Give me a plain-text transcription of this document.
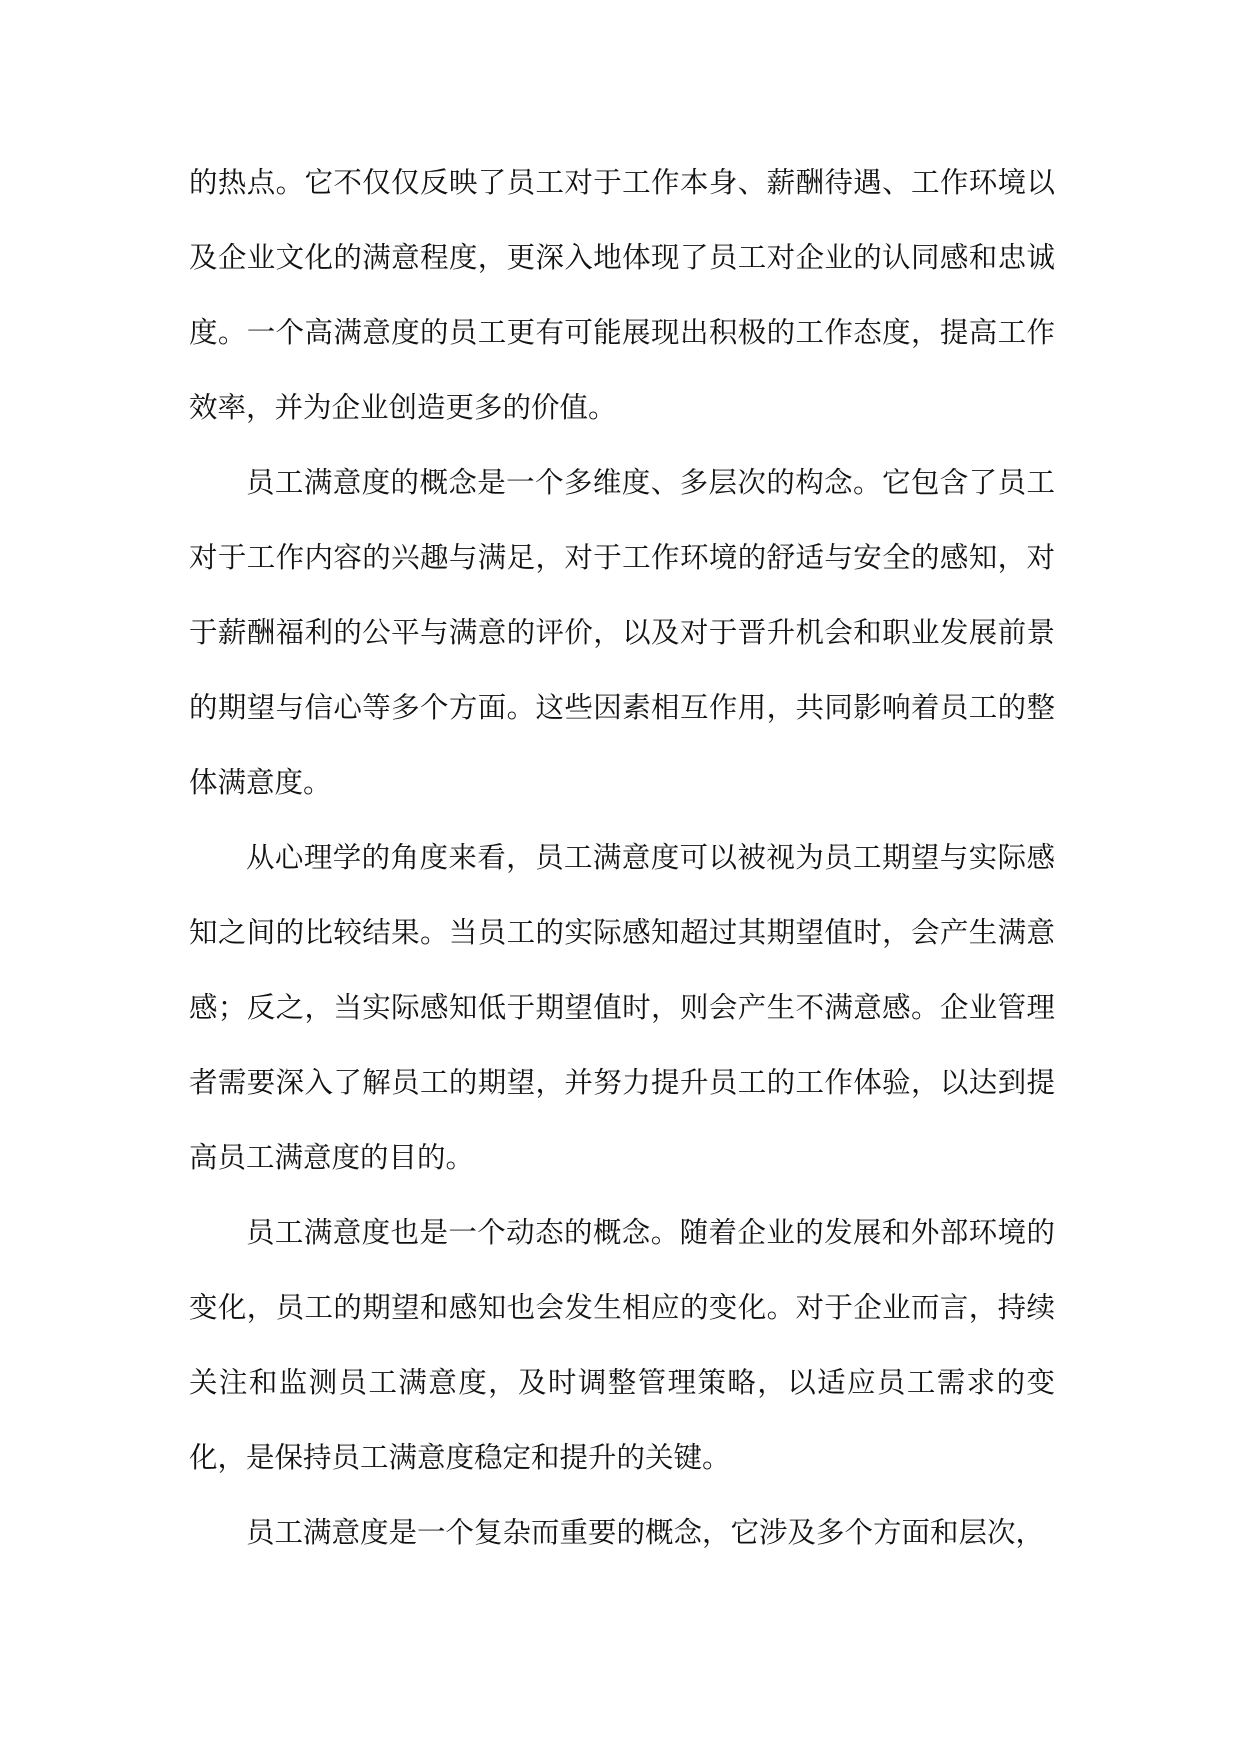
的热点。它不仅仅反映了员工对于工作本身、薪酬待遇、工作环境以及企业文化的满意程度，更深入地体现了员工对企业的认同感和忠诚度。一个高满意度的员工更有可能展现出积极的工作态度，提高工作效率，并为企业创造更多的价值。

员工满意度的概念是一个多维度、多层次的构念。它包含了员工对于工作内容的兴趣与满足，对于工作环境的舒适与安全的感知，对于薪酬福利的公平与满意的评价，以及对于晋升机会和职业发展前景的期望与信心等多个方面。这些因素相互作用，共同影响着员工的整体满意度。

从心理学的角度来看，员工满意度可以被视为员工期望与实际感知之间的比较结果。当员工的实际感知超过其期望值时，会产生满意感；反之，当实际感知低于期望值时，则会产生不满意感。企业管理者需要深入了解员工的期望，并努力提升员工的工作体验，以达到提高员工满意度的目的。

员工满意度也是一个动态的概念。随着企业的发展和外部环境的变化，员工的期望和感知也会发生相应的变化。对于企业而言，持续关注和监测员工满意度，及时调整管理策略，以适应员工需求的变化，是保持员工满意度稳定和提升的关键。

员工满意度是一个复杂而重要的概念，它涉及多个方面和层次，
